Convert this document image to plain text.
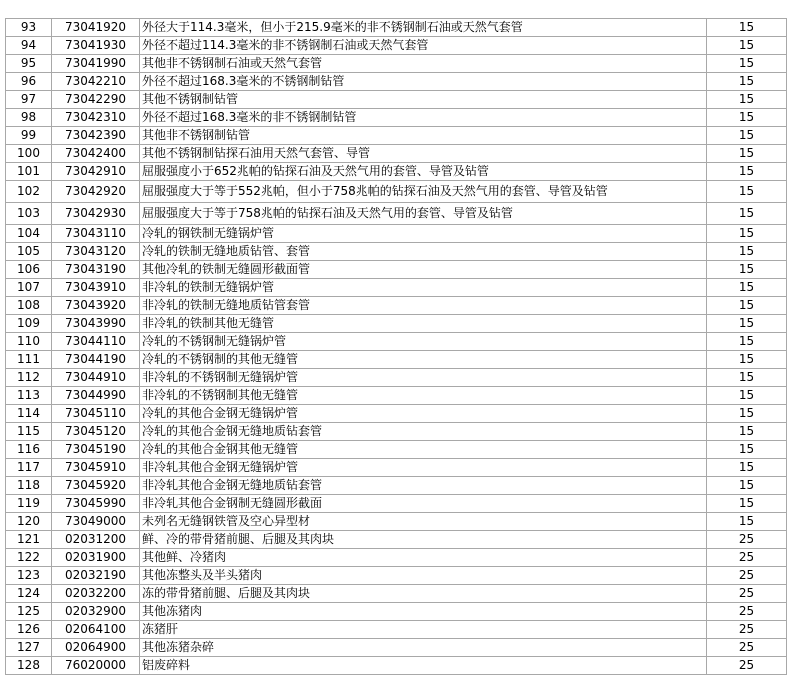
93	73041920	外径大于114.3毫米，但小于215.9毫米的非不锈钢制石油或天然气套管	15
94	73041930	外径不超过114.3毫米的非不锈钢制石油或天然气套管	15
95	73041990	其他非不锈钢制石油或天然气套管	15
96	73042210	外径不超过168.3毫米的不锈钢制钻管	15
97	73042290	其他不锈钢制钻管	15
98	73042310	外径不超过168.3毫米的非不锈钢制钻管	15
99	73042390	其他非不锈钢制钻管	15
100	73042400	其他不锈钢制钻探石油用天然气套管、导管	15
101	73042910	屈服强度小于652兆帕的钻探石油及天然气用的套管、导管及钻管	15
102	73042920	屈服强度大于等于552兆帕，但小于758兆帕的钻探石油及天然气用的套管、导管及钻管	15
103	73042930	屈服强度大于等于758兆帕的钻探石油及天然气用的套管、导管及钻管	15
104	73043110	冷轧的钢铁制无缝锅炉管	15
105	73043120	冷轧的铁制无缝地质钻管、套管	15
106	73043190	其他冷轧的铁制无缝圆形截面管	15
107	73043910	非冷轧的铁制无缝锅炉管	15
108	73043920	非冷轧的铁制无缝地质钻管套管	15
109	73043990	非冷轧的铁制其他无缝管	15
110	73044110	冷轧的不锈钢制无缝锅炉管	15
111	73044190	冷轧的不锈钢制的其他无缝管	15
112	73044910	非冷轧的不锈钢制无缝锅炉管	15
113	73044990	非冷轧的不锈钢制其他无缝管	15
114	73045110	冷轧的其他合金钢无缝锅炉管	15
115	73045120	冷轧的其他合金钢无缝地质钻套管	15
116	73045190	冷轧的其他合金钢其他无缝管	15
117	73045910	非冷轧其他合金钢无缝锅炉管	15
118	73045920	非冷轧其他合金钢无缝地质钻套管	15
119	73045990	非冷轧其他合金钢制无缝圆形截面	15
120	73049000	未列名无缝钢铁管及空心异型材	15
121	02031200	鲜、冷的带骨猪前腿、后腿及其肉块	25
122	02031900	其他鲜、冷猪肉	25
123	02032190	其他冻整头及半头猪肉	25
124	02032200	冻的带骨猪前腿、后腿及其肉块	25
125	02032900	其他冻猪肉	25
126	02064100	冻猪肝	25
127	02064900	其他冻猪杂碎	25
128	76020000	铝废碎料	25
